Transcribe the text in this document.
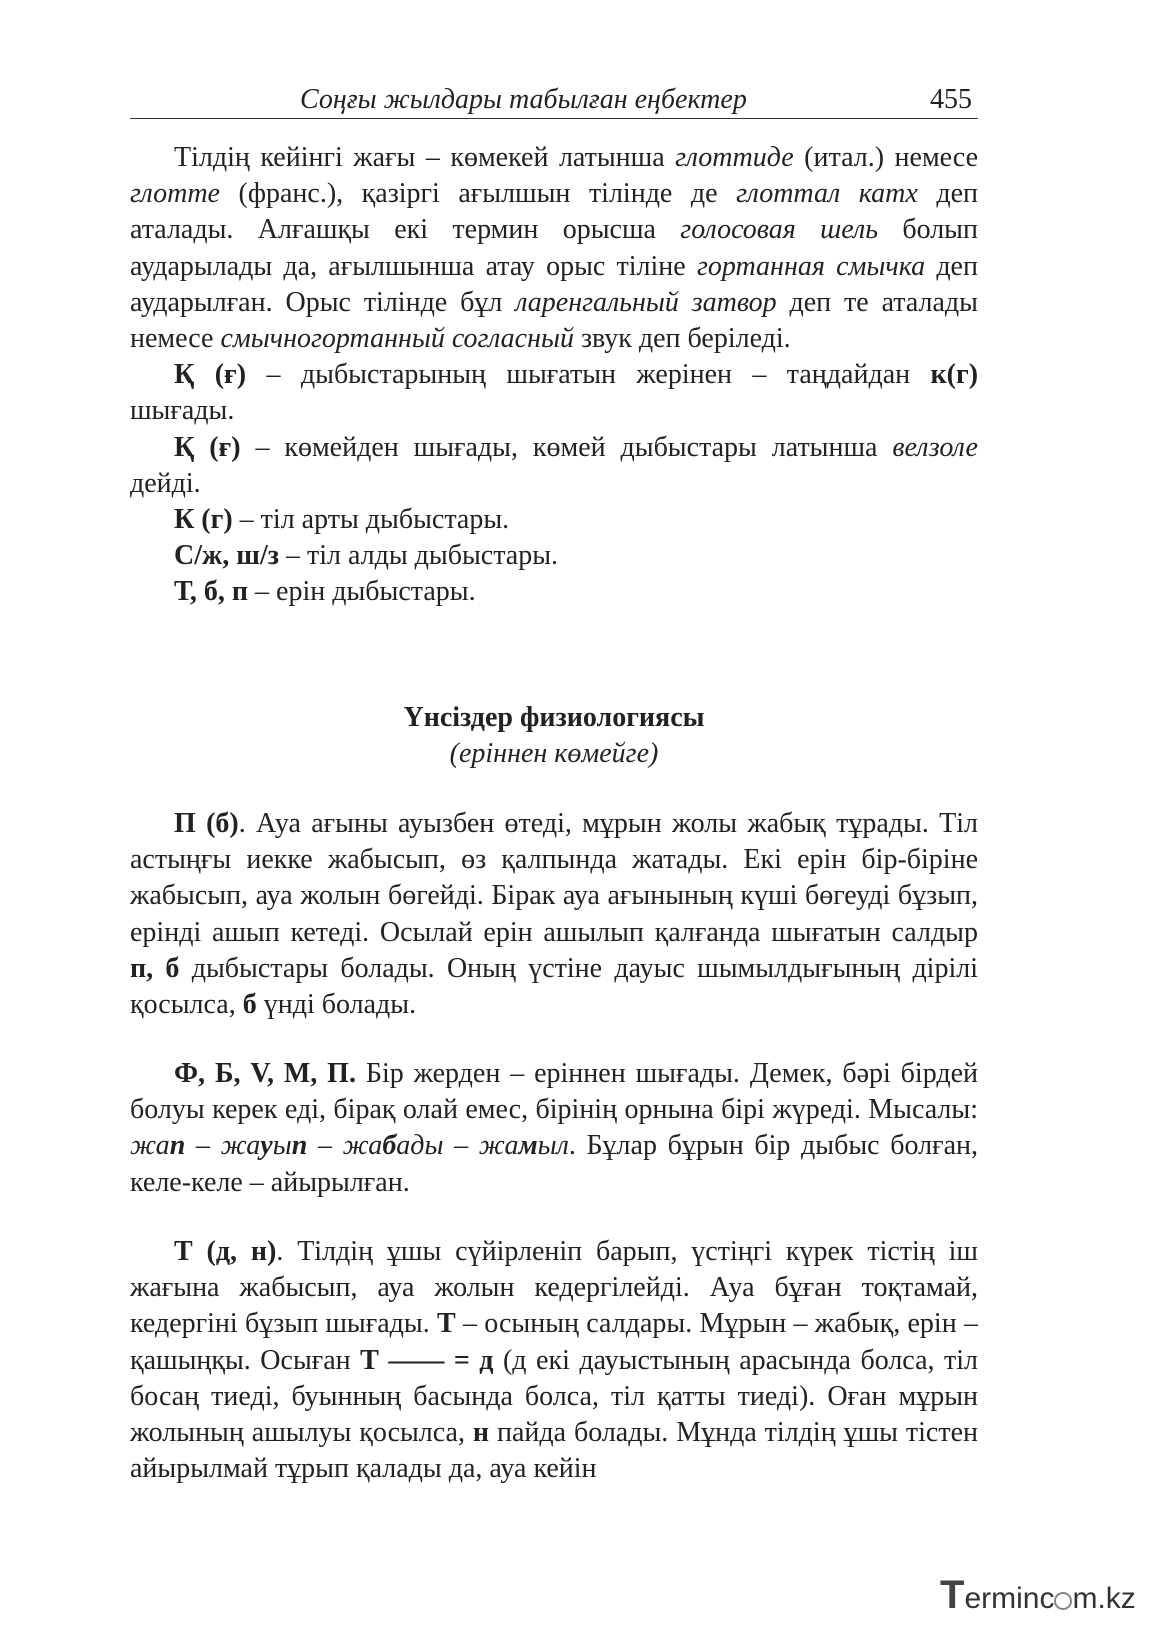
Соңғы жылдары табылған еңбектер	455

Тілдің кейінгі жағы – көмекей латынша глоттиде (итал.) немесе глотте (франс.), қазіргі ағылшын тілінде де глоттал катх деп аталады. Алғашқы екі термин орысша голосовая шель болып аударылады да, ағылшынша атау орыс тіліне гортанная смычка деп аударылған. Орыс тілінде бұл ларенгальный затвор деп те аталады немесе смычногортанный согласный звук деп беріледі.

Қ (ғ) – дыбыстарының шығатын жерінен – таңдайдан к(г) шығады.

Қ (ғ) – көмейден шығады, көмей дыбыстары латынша велзоле дейді.

К (г) – тіл арты дыбыстары.

С/ж, ш/з – тіл алды дыбыстары.

Т, б, п – ерін дыбыстары.

Үнсіздер физиологиясы
(еріннен көмейге)

П (б). Ауа ағыны ауызбен өтеді, мұрын жолы жабық тұрады. Тіл астыңғы иекке жабысып, өз қалпында жатады. Екі ерін бір-біріне жабысып, ауа жолын бөгейді. Бірак ауа ағынының күші бөгеуді бұзып, ерінді ашып кетеді. Осылай ерін ашылып қалғанда шығатын салдыр п, б дыбыстары болады. Оның үстіне дауыс шымылдығының дірілі қосылса, б үнді болады.

Ф, Б, V, М, П. Бір жерден – еріннен шығады. Демек, бәрі бірдей болуы керек еді, бірақ олай емес, бірінің орнына бірі жүреді. Мысалы: жап – жауып – жабады – жамыл. Бұлар бұрын бір дыбыс болған, келе-келе – айырылған.

Т (д, н). Тілдің ұшы сүйірленіп барып, үстіңгі күрек тістің іш жағына жабысып, ауа жолын кедергілейді. Ауа бұған тоқтамай, кедергіні бұзып шығады. Т – осының салдары. Мұрын – жабық, ерін – қашыңқы. Осыған Т —— = д (д екі дауыстының арасында болса, тіл босаң тиеді, буынның басында болса, тіл қатты тиеді). Оған мұрын жолының ашылуы қосылса, н пайда болады. Мұнда тілдің ұшы тістен айырылмай тұрып қалады да, ауа кейін

Terminc m.kz
